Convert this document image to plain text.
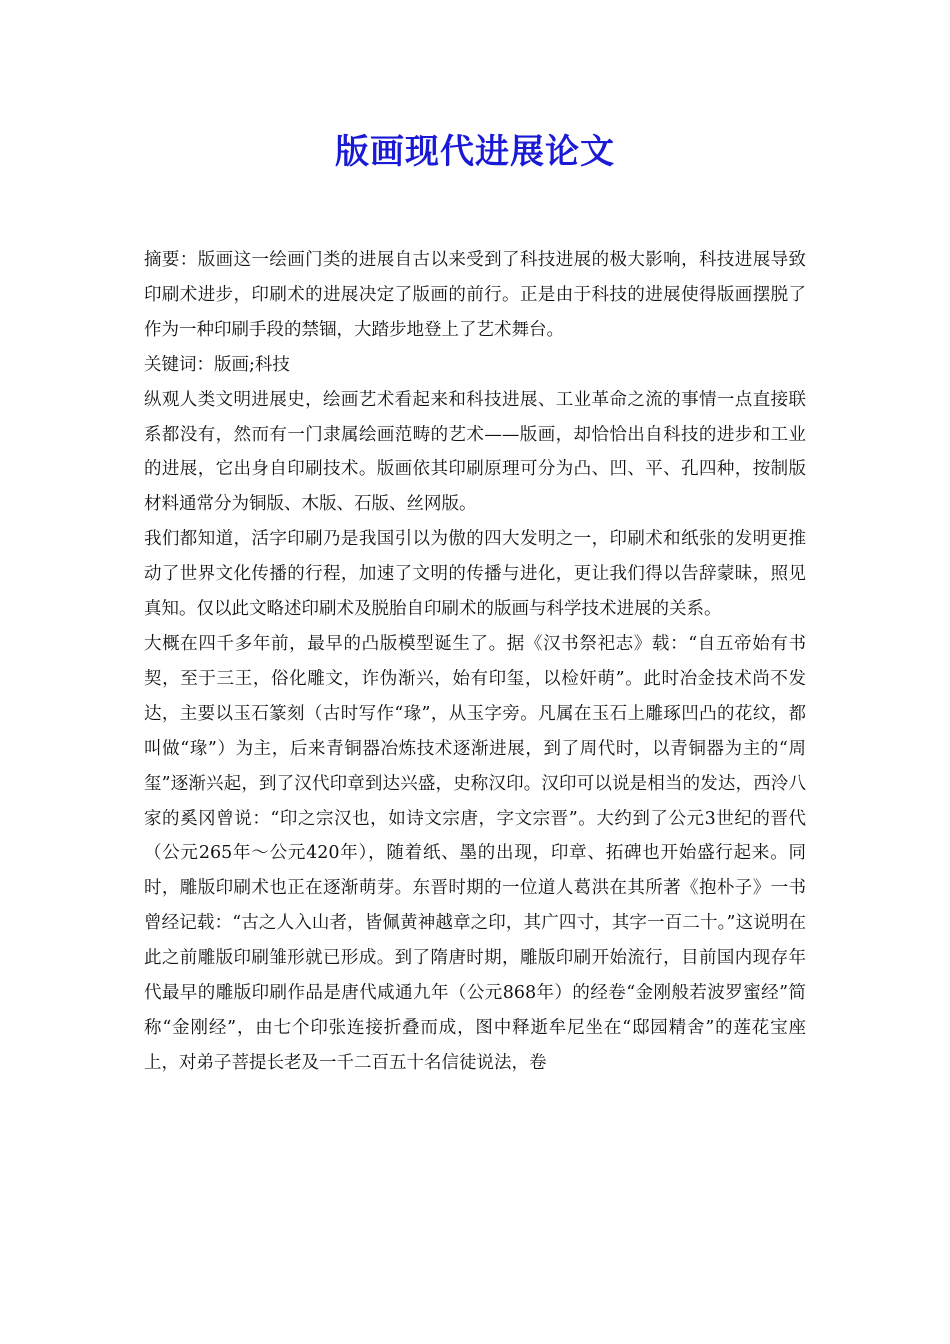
版画现代进展论文

摘要：版画这一绘画门类的进展自古以来受到了科技进展的极大影响，科技进展导致印刷术进步，印刷术的进展决定了版画的前行。正是由于科技的进展使得版画摆脱了作为一种印刷手段的禁锢，大踏步地登上了艺术舞台。

关键词：版画;科技

纵观人类文明进展史，绘画艺术看起来和科技进展、工业革命之流的事情一点直接联系都没有，然而有一门隶属绘画范畴的艺术——版画，却恰恰出自科技的进步和工业的进展，它出身自印刷技术。版画依其印刷原理可分为凸、凹、平、孔四种，按制版材料通常分为铜版、木版、石版、丝网版。

我们都知道，活字印刷乃是我国引以为傲的四大发明之一，印刷术和纸张的发明更推动了世界文化传播的行程，加速了文明的传播与进化，更让我们得以告辞蒙昧，照见真知。仅以此文略述印刷术及脱胎自印刷术的版画与科学技术进展的关系。

大概在四千多年前，最早的凸版模型诞生了。据《汉书祭祀志》载：“自五帝始有书契，至于三王，俗化雕文，诈伪渐兴，始有印玺，以检奸萌”。此时冶金技术尚不发达，主要以玉石篆刻（古时写作“瑑”，从玉字旁。凡属在玉石上雕琢凹凸的花纹，都叫做“瑑”）为主，后来青铜器冶炼技术逐渐进展，到了周代时，以青铜器为主的“周玺”逐渐兴起，到了汉代印章到达兴盛，史称汉印。汉印可以说是相当的发达，西泠八家的奚冈曾说：“印之宗汉也，如诗文宗唐，字文宗晋”。大约到了公元3世纪的晋代（公元265年～公元420年），随着纸、墨的出现，印章、拓碑也开始盛行起来。同时，雕版印刷术也正在逐渐萌芽。东晋时期的一位道人葛洪在其所著《抱朴子》一书曾经记载：“古之人入山者，皆佩黄神越章之印，其广四寸，其字一百二十。”这说明在此之前雕版印刷雏形就已形成。到了隋唐时期，雕版印刷开始流行，目前国内现存年代最早的雕版印刷作品是唐代咸通九年（公元868年）的经卷“金刚般若波罗蜜经”简称“金刚经”，由七个印张连接折叠而成，图中释逝牟尼坐在“邸园精舍”的莲花宝座上，对弟子菩提长老及一千二百五十名信徒说法，卷
